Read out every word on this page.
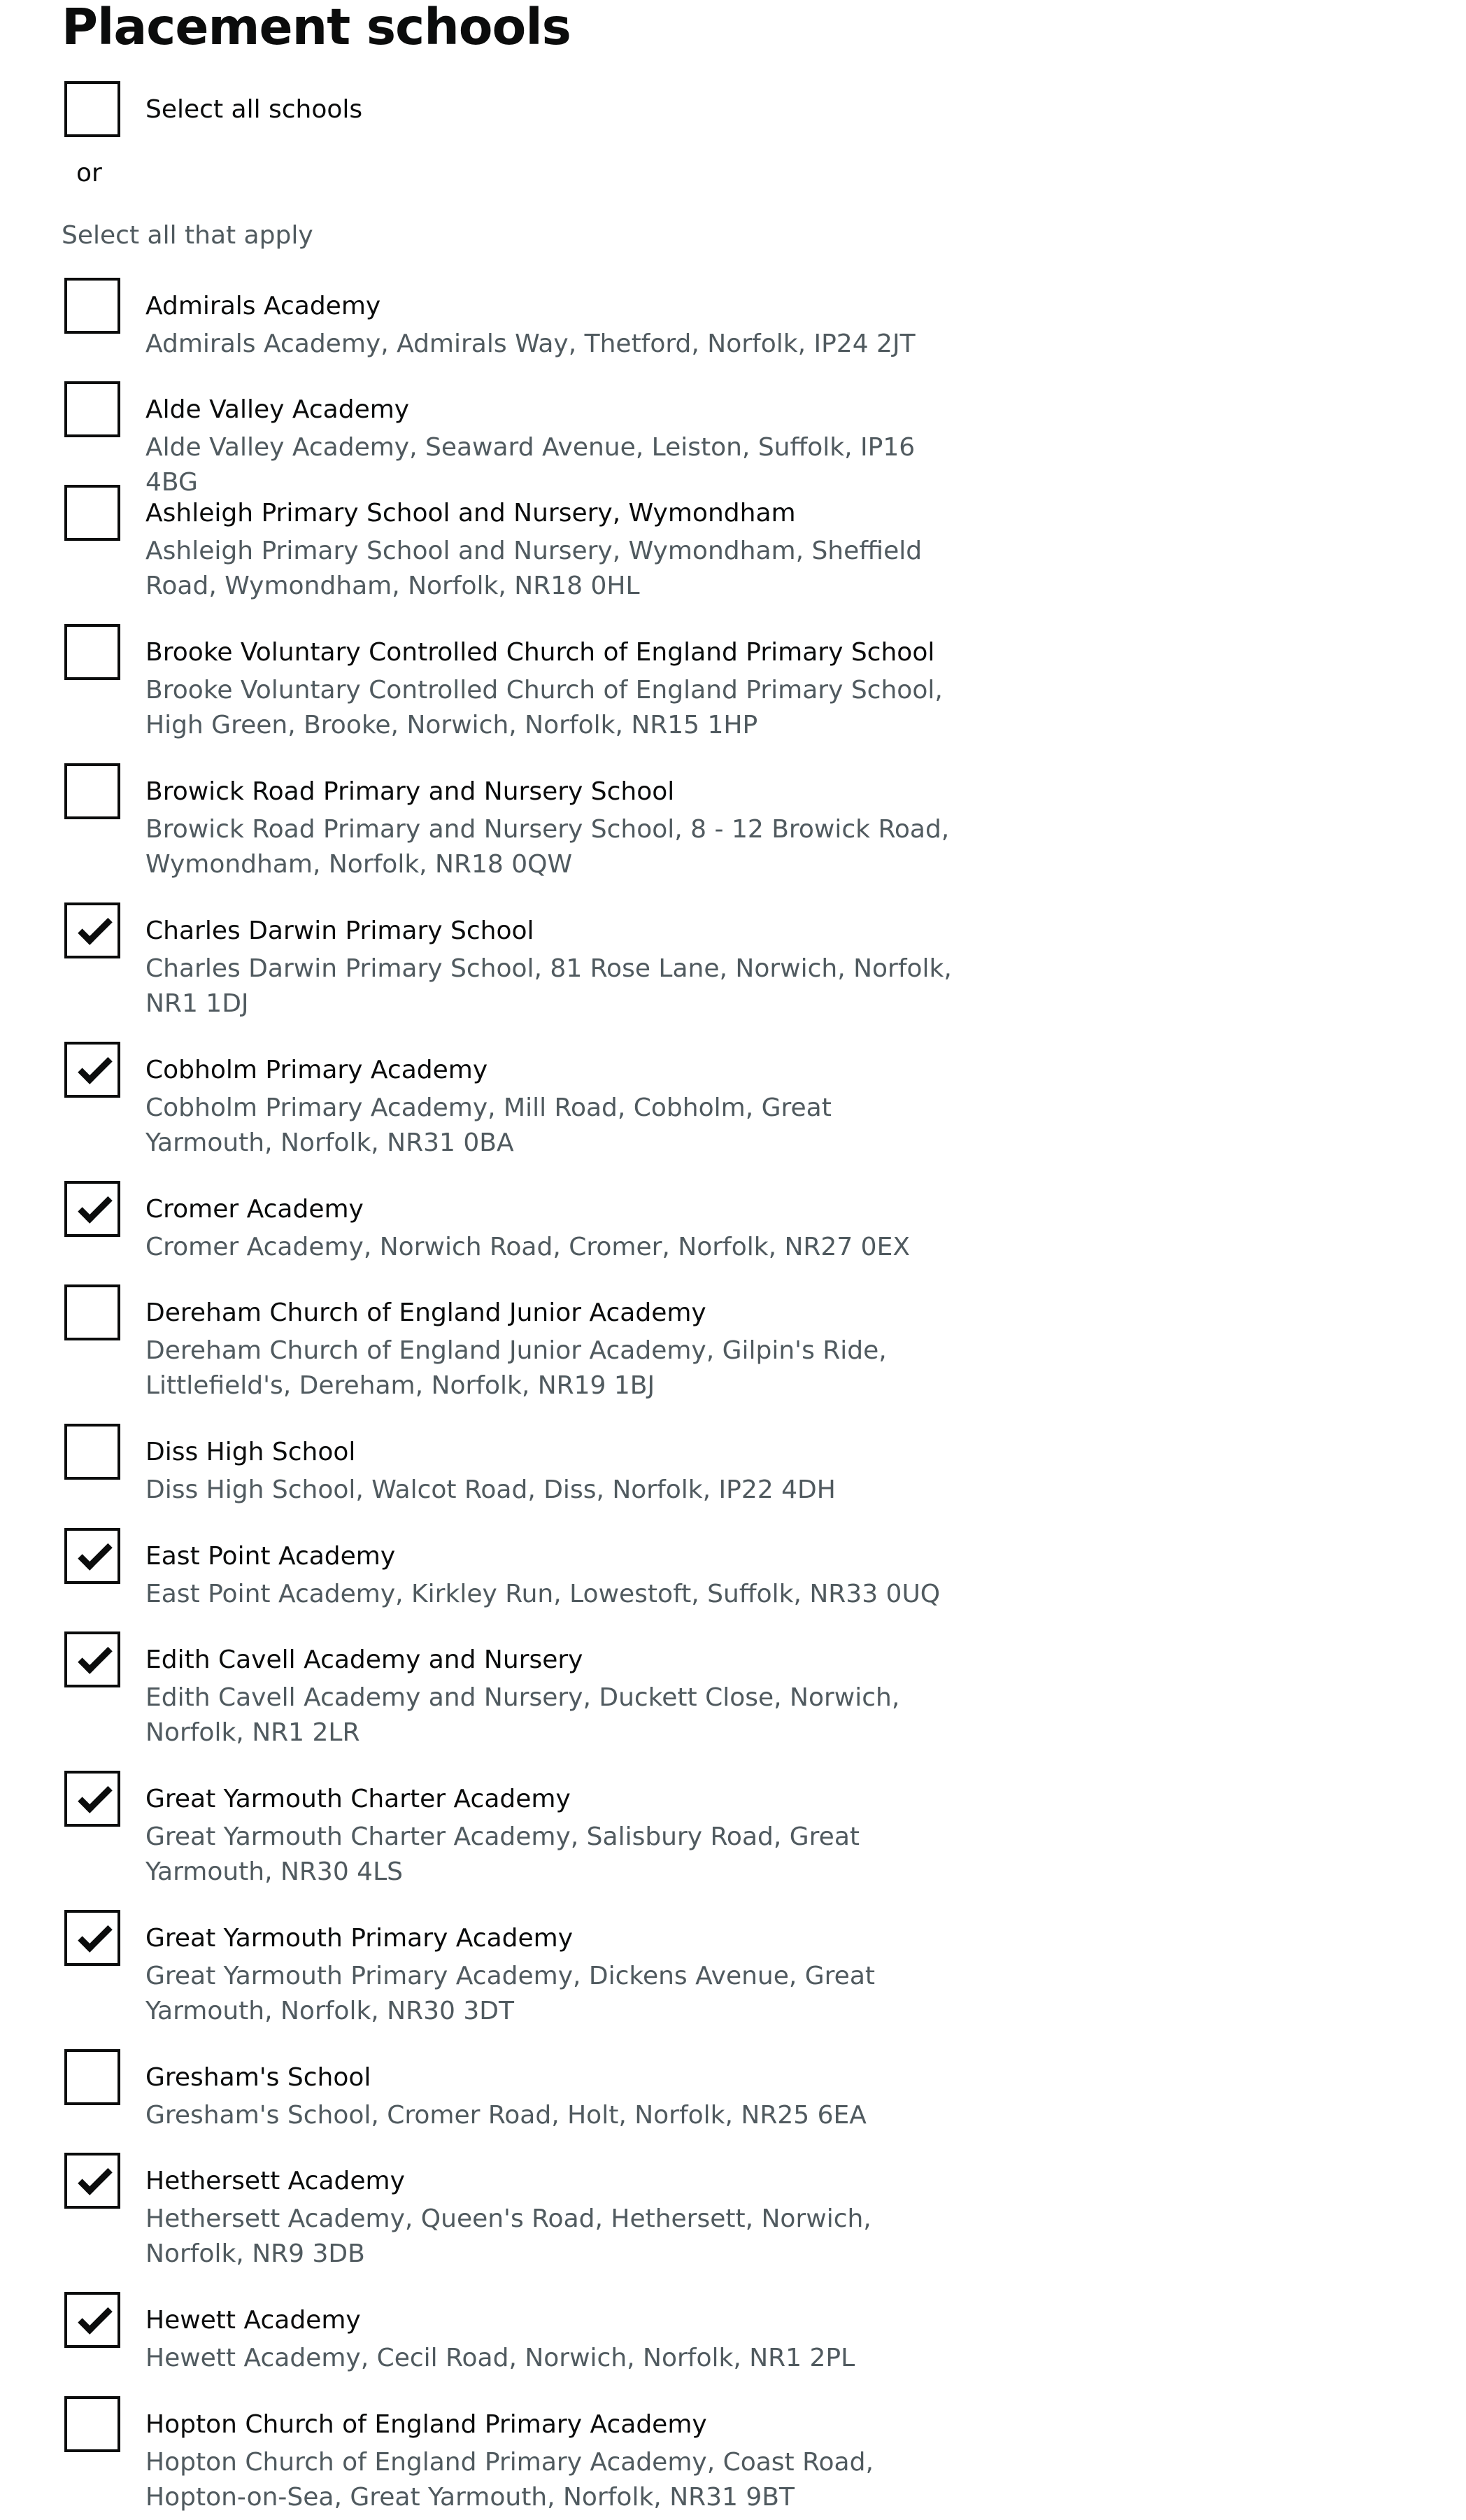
Placement schools
Select all schools
or
Select all that apply
Admirals Academy
Admirals Academy, Admirals Way, Thetford, Norfolk, IP24 2JT
Alde Valley Academy
Alde Valley Academy, Seaward Avenue, Leiston, Suffolk, IP16 4BG
Ashleigh Primary School and Nursery, Wymondham
Ashleigh Primary School and Nursery, Wymondham, Sheffield Road, Wymondham, Norfolk, NR18 0HL
Brooke Voluntary Controlled Church of England Primary School
Brooke Voluntary Controlled Church of England Primary School, High Green, Brooke, Norwich, Norfolk, NR15 1HP
Browick Road Primary and Nursery School
Browick Road Primary and Nursery School, 8 - 12 Browick Road, Wymondham, Norfolk, NR18 0QW
Charles Darwin Primary School
Charles Darwin Primary School, 81 Rose Lane, Norwich, Norfolk, NR1 1DJ
Cobholm Primary Academy
Cobholm Primary Academy, Mill Road, Cobholm, Great Yarmouth, Norfolk, NR31 0BA
Cromer Academy
Cromer Academy, Norwich Road, Cromer, Norfolk, NR27 0EX
Dereham Church of England Junior Academy
Dereham Church of England Junior Academy, Gilpin's Ride, Littlefield's, Dereham, Norfolk, NR19 1BJ
Diss High School
Diss High School, Walcot Road, Diss, Norfolk, IP22 4DH
East Point Academy
East Point Academy, Kirkley Run, Lowestoft, Suffolk, NR33 0UQ
Edith Cavell Academy and Nursery
Edith Cavell Academy and Nursery, Duckett Close, Norwich, Norfolk, NR1 2LR
Great Yarmouth Charter Academy
Great Yarmouth Charter Academy, Salisbury Road, Great Yarmouth, NR30 4LS
Great Yarmouth Primary Academy
Great Yarmouth Primary Academy, Dickens Avenue, Great Yarmouth, Norfolk, NR30 3DT
Gresham's School
Gresham's School, Cromer Road, Holt, Norfolk, NR25 6EA
Hethersett Academy
Hethersett Academy, Queen's Road, Hethersett, Norwich, Norfolk, NR9 3DB
Hewett Academy
Hewett Academy, Cecil Road, Norwich, Norfolk, NR1 2PL
Hopton Church of England Primary Academy
Hopton Church of England Primary Academy, Coast Road, Hopton-on-Sea, Great Yarmouth, Norfolk, NR31 9BT
